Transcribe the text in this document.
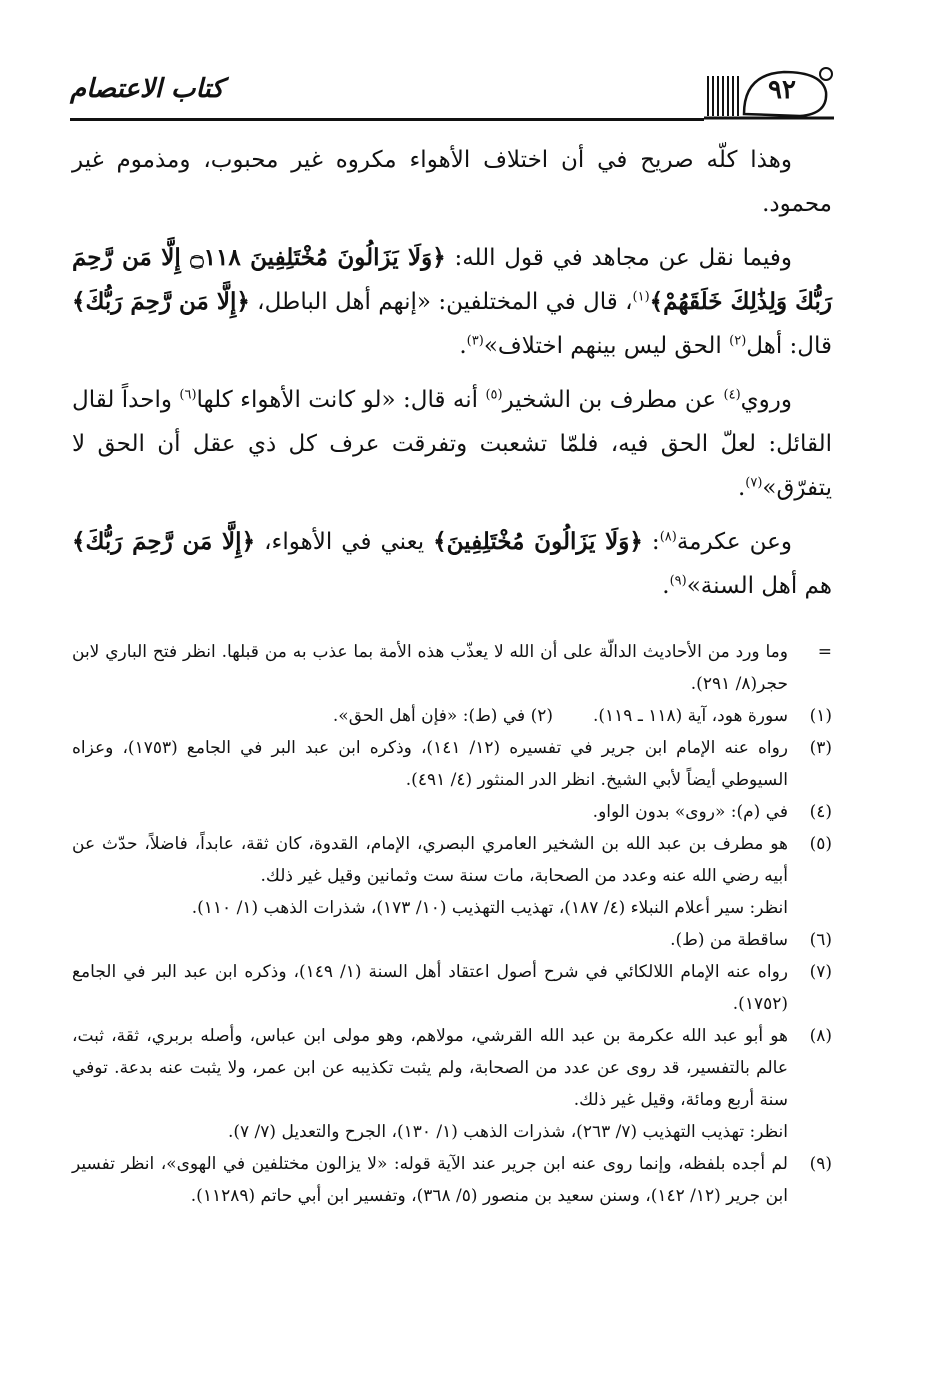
كتاب الاعتصام	٩٢

وهذا كلّه صريح في أن اختلاف الأهواء مكروه غير محبوب، ومذموم غير محمود.

وفيما نقل عن مجاهد في قول الله: ﴿وَلَا يَزَالُونَ مُخْتَلِفِينَ ۝١١٨ إِلَّا مَن رَّحِمَ رَبُّكَ وَلِذَٰلِكَ خَلَقَهُمْ﴾$^{(١)}$، قال في المختلفين: «إنهم أهل الباطل، ﴿إِلَّا مَن رَّحِمَ رَبُّكَ﴾ قال: أهل$^{(٢)}$ الحق ليس بينهم اختلاف»$^{(٣)}$.

وروي$^{(٤)}$ عن مطرف بن الشخير$^{(٥)}$ أنه قال: «لو كانت الأهواء كلها$^{(٦)}$ واحداً لقال القائل: لعلّ الحق فيه، فلمّا تشعبت وتفرقت عرف كل ذي عقل أن الحق لا يتفرّق»$^{(٧)}$.

وعن عكرمة$^{(٨)}$: ﴿وَلَا يَزَالُونَ مُخْتَلِفِينَ﴾ يعني في الأهواء، ﴿إِلَّا مَن رَّحِمَ رَبُّكَ﴾ هم أهل السنة»$^{(٩)}$.

=
وما ورد من الأحاديث الدالّة على أن الله لا يعذّب هذه الأمة بما عذب به من قبلها. انظر فتح الباري لابن حجر(٨/ ٢٩١).
(١)
سورة هود، آية (١١٨ ـ ١١٩).
(٢) في (ط): «فإن أهل الحق».
(٣)
رواه عنه الإمام ابن جرير في تفسيره (١٢/ ١٤١)، وذكره ابن عبد البر في الجامع (١٧٥٣)، وعزاه السيوطي أيضاً لأبي الشيخ. انظر الدر المنثور (٤/ ٤٩١).
(٤)
في (م): «روى» بدون الواو.
(٥)
هو مطرف بن عبد الله بن الشخير العامري البصري، الإمام، القدوة، كان ثقة، عابداً، فاضلاً، حدّث عن أبيه رضي الله عنه وعدد من الصحابة، مات سنة ست وثمانين وقيل غير ذلك.
انظر: سير أعلام النبلاء (٤/ ١٨٧)، تهذيب التهذيب (١٠/ ١٧٣)، شذرات الذهب (١/ ١١٠).
(٦)
ساقطة من (ط).
(٧)
رواه عنه الإمام اللالكائي في شرح أصول اعتقاد أهل السنة (١/ ١٤٩)، وذكره ابن عبد البر في الجامع (١٧٥٢).
(٨)
هو أبو عبد الله عكرمة بن عبد الله القرشي، مولاهم، وهو مولى ابن عباس، وأصله بربري، ثقة، ثبت، عالم بالتفسير، قد روى عن عدد من الصحابة، ولم يثبت تكذيبه عن ابن عمر، ولا يثبت عنه بدعة. توفي سنة أربع ومائة، وقيل غير ذلك.
انظر: تهذيب التهذيب (٧/ ٢٦٣)، شذرات الذهب (١/ ١٣٠)، الجرح والتعديل (٧/ ٧).
(٩)
لم أجده بلفظه، وإنما روى عنه ابن جرير عند الآية قوله: «لا يزالون مختلفين في الهوى»، انظر تفسير ابن جرير (١٢/ ١٤٢)، وسنن سعيد بن منصور (٥/ ٣٦٨)، وتفسير ابن أبي حاتم (١١٢٨٩).
